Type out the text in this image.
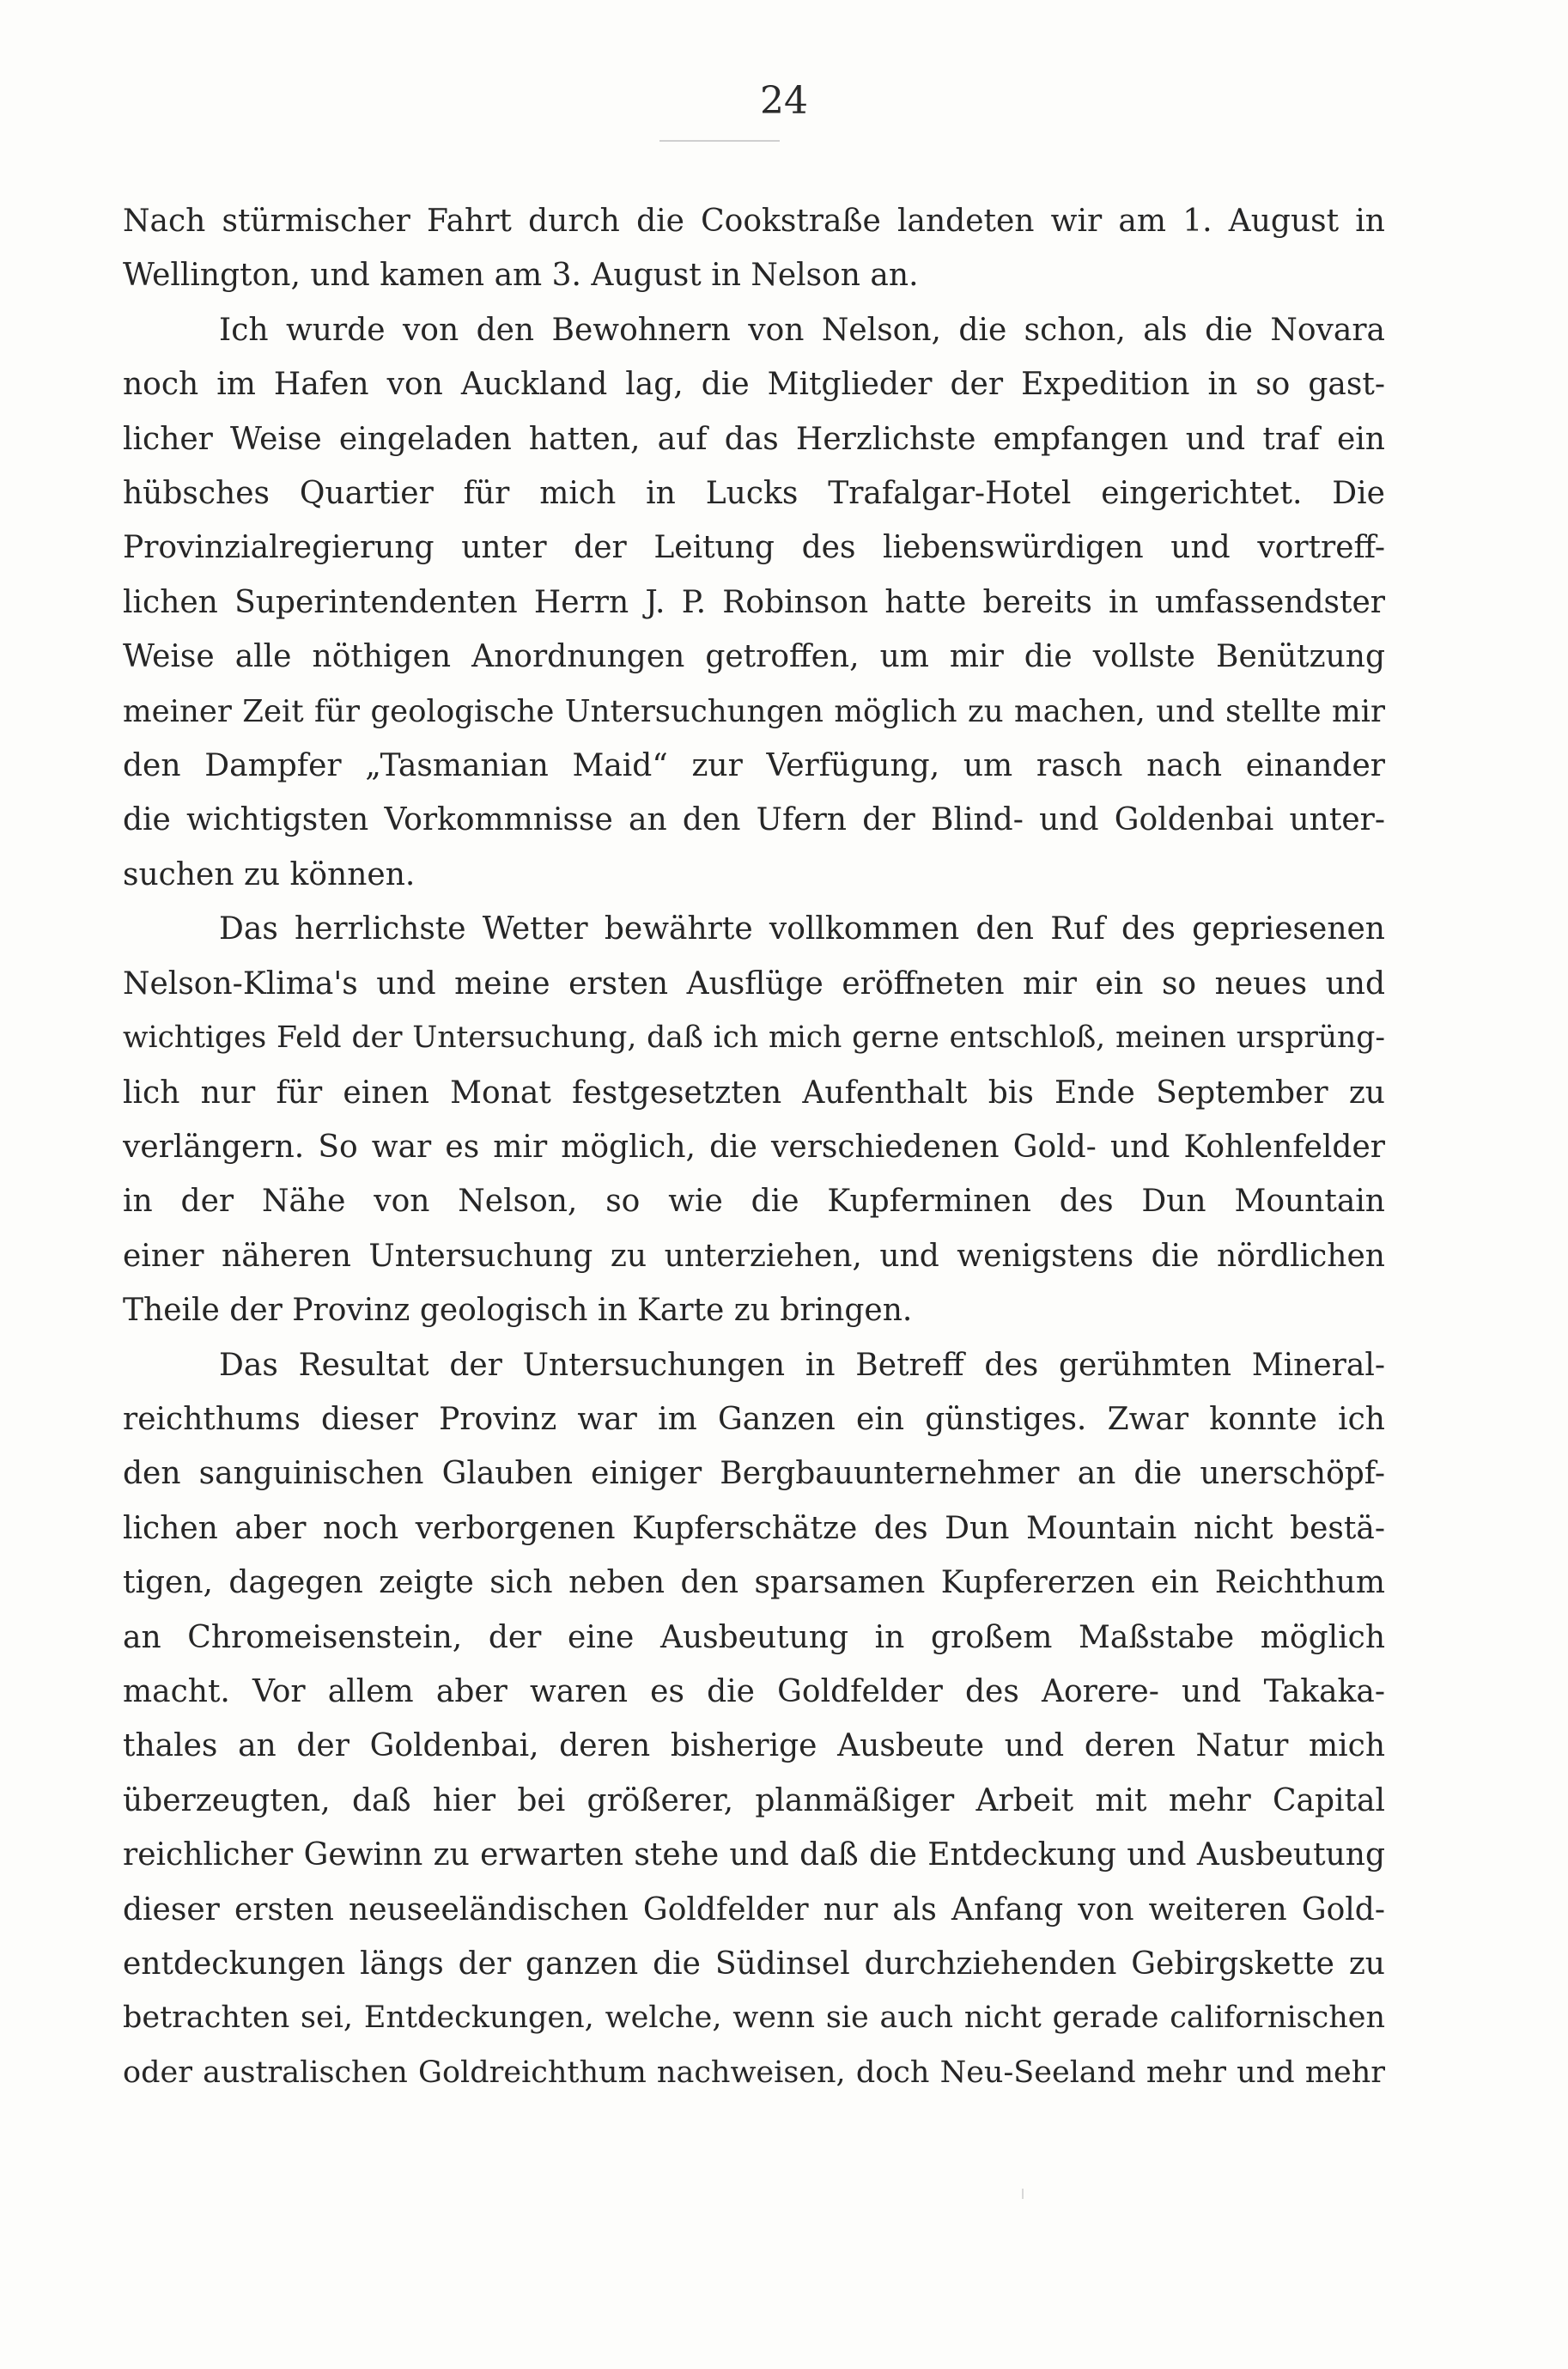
24
Nach stürmischer Fahrt durch die Cookstraße landeten wir am 1. August in
Wellington, und kamen am 3. August in Nelson an.
Ich wurde von den Bewohnern von Nelson, die schon, als die Novara
noch im Hafen von Auckland lag, die Mitglieder der Expedition in so gast-
licher Weise eingeladen hatten, auf das Herzlichste empfangen und traf ein
hübsches Quartier für mich in Lucks Trafalgar-Hotel eingerichtet. Die
Provinzialregierung unter der Leitung des liebenswürdigen und vortreff-
lichen Superintendenten Herrn J. P. Robinson hatte bereits in umfassendster
Weise alle nöthigen Anordnungen getroffen, um mir die vollste Benützung
meiner Zeit für geologische Untersuchungen möglich zu machen, und stellte mir
den Dampfer „Tasmanian Maid“ zur Verfügung, um rasch nach einander
die wichtigsten Vorkommnisse an den Ufern der Blind- und Goldenbai unter-
suchen zu können.
Das herrlichste Wetter bewährte vollkommen den Ruf des gepriesenen
Nelson-Klima's und meine ersten Ausflüge eröffneten mir ein so neues und
wichtiges Feld der Untersuchung, daß ich mich gerne entschloß, meinen ursprüng-
lich nur für einen Monat festgesetzten Aufenthalt bis Ende September zu
verlängern. So war es mir möglich, die verschiedenen Gold- und Kohlenfelder
in der Nähe von Nelson, so wie die Kupferminen des Dun Mountain
einer näheren Untersuchung zu unterziehen, und wenigstens die nördlichen
Theile der Provinz geologisch in Karte zu bringen.
Das Resultat der Untersuchungen in Betreff des gerühmten Mineral-
reichthums dieser Provinz war im Ganzen ein günstiges. Zwar konnte ich
den sanguinischen Glauben einiger Bergbauunternehmer an die unerschöpf-
lichen aber noch verborgenen Kupferschätze des Dun Mountain nicht bestä-
tigen, dagegen zeigte sich neben den sparsamen Kupfererzen ein Reichthum
an Chromeisenstein, der eine Ausbeutung in großem Maßstabe möglich
macht. Vor allem aber waren es die Goldfelder des Aorere- und Takaka-
thales an der Goldenbai, deren bisherige Ausbeute und deren Natur mich
überzeugten, daß hier bei größerer, planmäßiger Arbeit mit mehr Capital
reichlicher Gewinn zu erwarten stehe und daß die Entdeckung und Ausbeutung
dieser ersten neuseeländischen Goldfelder nur als Anfang von weiteren Gold-
entdeckungen längs der ganzen die Südinsel durchziehenden Gebirgskette zu
betrachten sei, Entdeckungen, welche, wenn sie auch nicht gerade californischen
oder australischen Goldreichthum nachweisen, doch Neu-Seeland mehr und mehr
